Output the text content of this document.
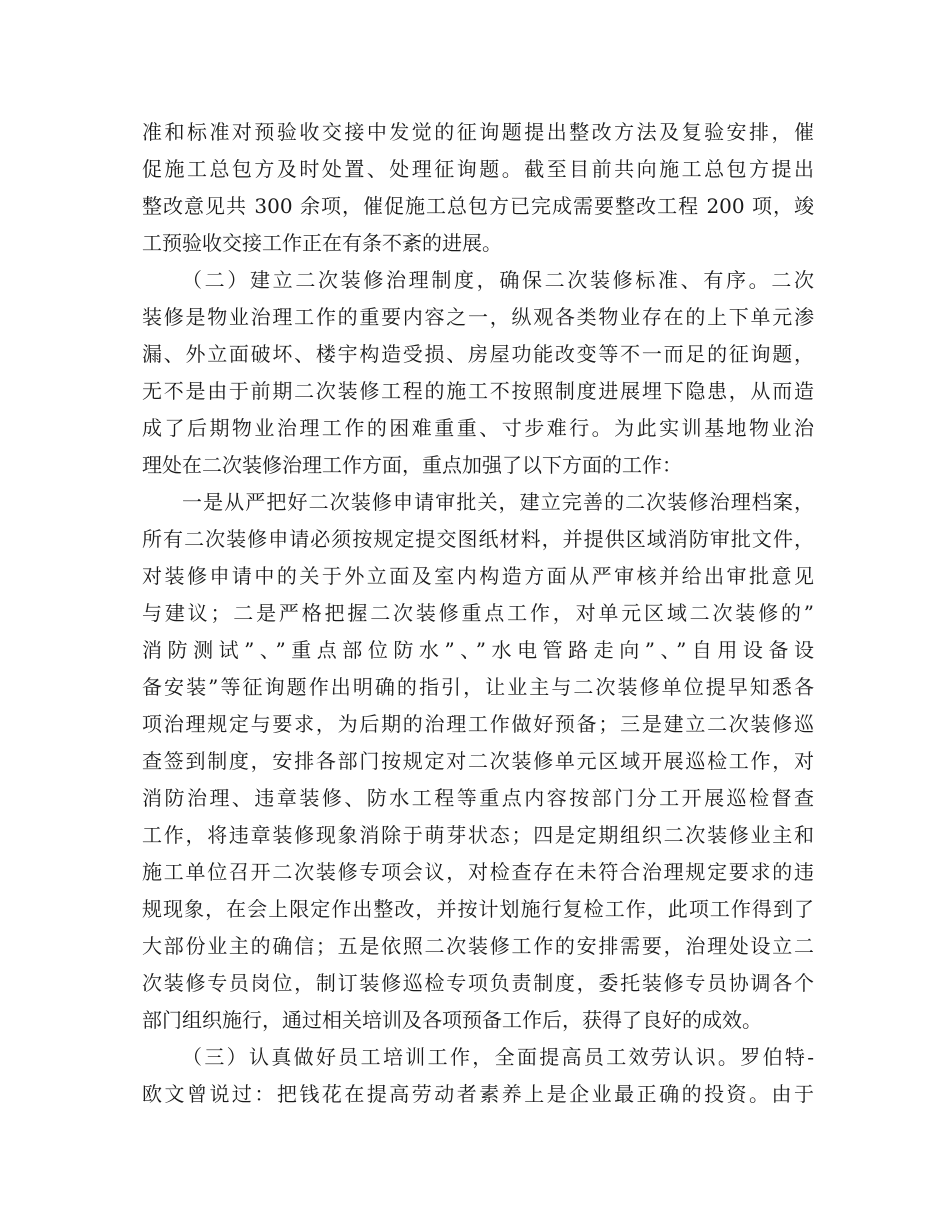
准和标准对预验收交接中发觉的征询题提出整改方法及复验安排，催
促施工总包方及时处置、处理征询题。截至目前共向施工总包方提出
整改意见共 300 余项，催促施工总包方已完成需要整改工程 200 项，竣
工预验收交接工作正在有条不紊的进展。
（二）建立二次装修治理制度，确保二次装修标准、有序。二次
装修是物业治理工作的重要内容之一，纵观各类物业存在的上下单元渗
漏、外立面破坏、楼宇构造受损、房屋功能改变等不一而足的征询题，
无不是由于前期二次装修工程的施工不按照制度进展埋下隐患，从而造
成了后期物业治理工作的困难重重、寸步难行。为此实训基地物业治
理处在二次装修治理工作方面，重点加强了以下方面的工作：
一是从严把好二次装修申请审批关，建立完善的二次装修治理档案，
所有二次装修申请必须按规定提交图纸材料，并提供区域消防审批文件，
对装修申请中的关于外立面及室内构造方面从严审核并给出审批意见
与建议；二是严格把握二次装修重点工作，对单元区域二次装修的”
消防测试”、”重点部位防水”、”水电管路走向”、”自用设备设
备安装”等征询题作出明确的指引，让业主与二次装修单位提早知悉各
项治理规定与要求，为后期的治理工作做好预备；三是建立二次装修巡
查签到制度，安排各部门按规定对二次装修单元区域开展巡检工作，对
消防治理、违章装修、防水工程等重点内容按部门分工开展巡检督查
工作，将违章装修现象消除于萌芽状态；四是定期组织二次装修业主和
施工单位召开二次装修专项会议，对检查存在未符合治理规定要求的违
规现象，在会上限定作出整改，并按计划施行复检工作，此项工作得到了
大部份业主的确信；五是依照二次装修工作的安排需要，治理处设立二
次装修专员岗位，制订装修巡检专项负责制度，委托装修专员协调各个
部门组织施行，通过相关培训及各项预备工作后，获得了良好的成效。
（三）认真做好员工培训工作，全面提高员工效劳认识。罗伯特-
欧文曾说过：把钱花在提高劳动者素养上是企业最正确的投资。由于
